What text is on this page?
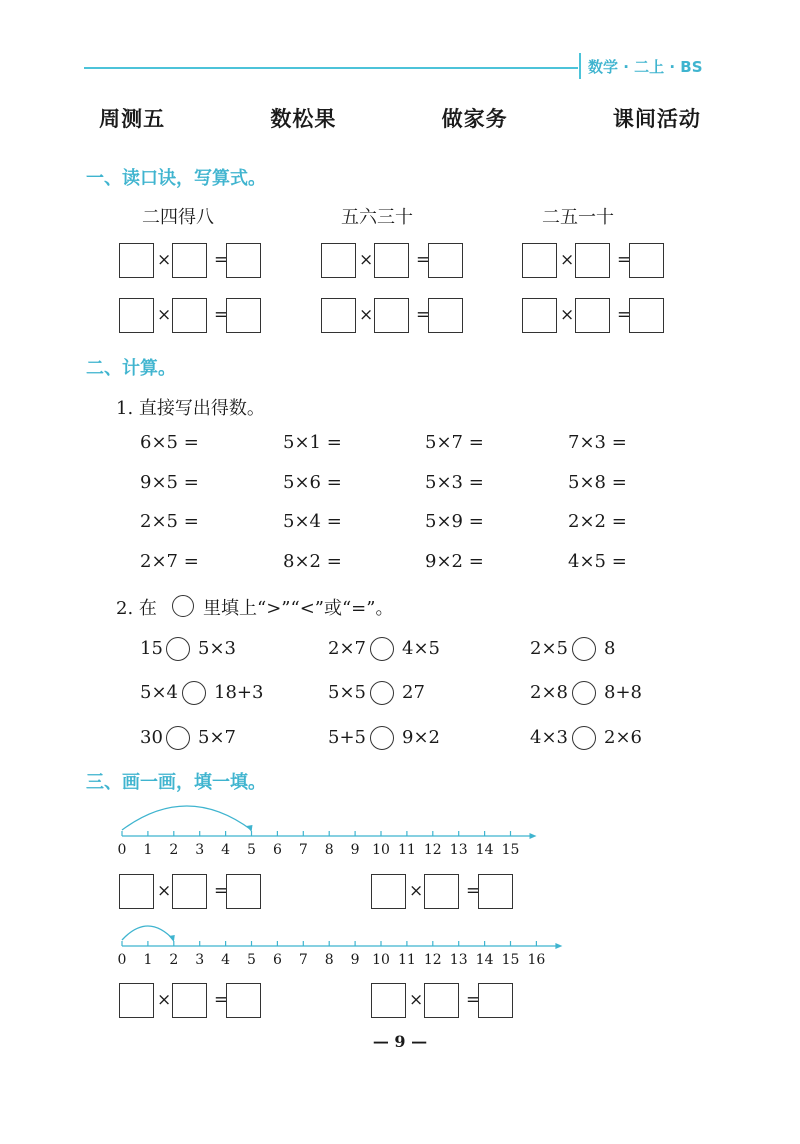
数学 · 二上 · BS
周测五    数松果    做家务    课间活动
一、读口诀，写算式。
二四得八	五六三十	二五一十
×	=	×	=	×	=
×	=	×	=	×	=
二、计算。
1. 直接写出得数。
6×5 =	5×1 =	5×7 =	7×3 =
9×5 =	5×6 =	5×3 =	5×8 =
2×5 =	5×4 =	5×9 =	2×2 =
2×7 =	8×2 =	9×2 =	4×5 =
2. 在	里填上“>”“<”或“=”。
15 5×3	2×7 4×5	2×5 8
5×4 18+3	5×5 27	2×8 8+8
30 5×7	5+5 9×2	4×3 2×6
三、画一画，填一填。
0 1 2 3 4 5 6 7 8 9 10 11 12 13 14 15
×	=	×	=
0 1 2 3 4 5 6 7 8 9 10 11 12 13 14 15 16
×	=	×	=
— 9 —
